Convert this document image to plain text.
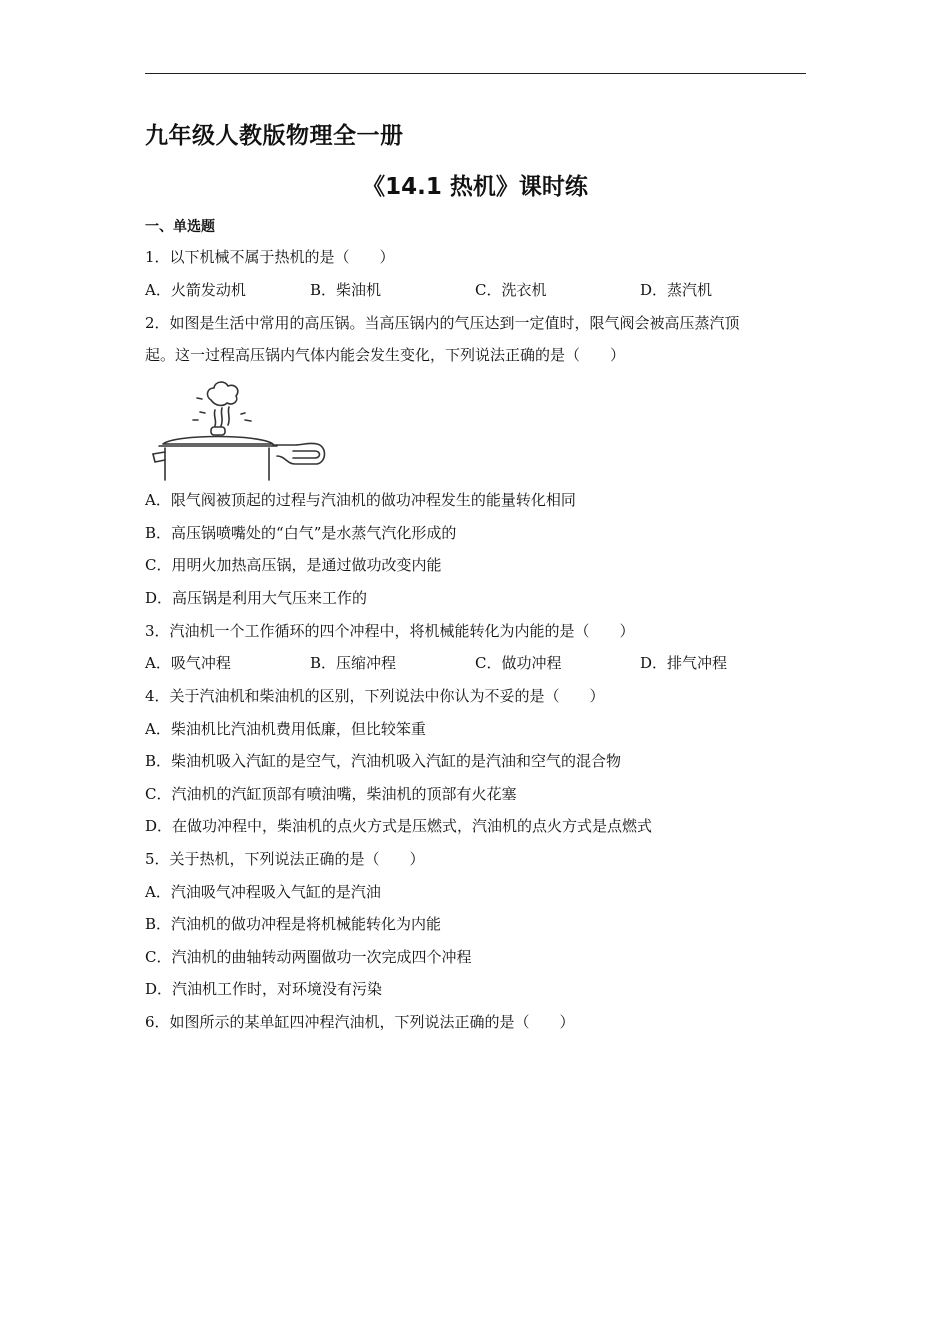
九年级人教版物理全一册
《14.1 热机》课时练
一、单选题
1．以下机械不属于热机的是（　　）
A．火箭发动机	B．柴油机	C．洗衣机	D．蒸汽机
2．如图是生活中常用的高压锅。当高压锅内的气压达到一定值时，限气阀会被高压蒸汽顶
起。这一过程高压锅内气体内能会发生变化，下列说法正确的是（　　）
A．限气阀被顶起的过程与汽油机的做功冲程发生的能量转化相同
B．高压锅喷嘴处的“白气”是水蒸气汽化形成的
C．用明火加热高压锅，是通过做功改变内能
D．高压锅是利用大气压来工作的
3．汽油机一个工作循环的四个冲程中，将机械能转化为内能的是（　　）
A．吸气冲程	B．压缩冲程	C．做功冲程	D．排气冲程
4．关于汽油机和柴油机的区别，下列说法中你认为不妥的是（　　）
A．柴油机比汽油机费用低廉，但比较笨重
B．柴油机吸入汽缸的是空气，汽油机吸入汽缸的是汽油和空气的混合物
C．汽油机的汽缸顶部有喷油嘴，柴油机的顶部有火花塞
D．在做功冲程中，柴油机的点火方式是压燃式，汽油机的点火方式是点燃式
5．关于热机，下列说法正确的是（　　）
A．汽油吸气冲程吸入气缸的是汽油
B．汽油机的做功冲程是将机械能转化为内能
C．汽油机的曲轴转动两圈做功一次完成四个冲程
D．汽油机工作时，对环境没有污染
6．如图所示的某单缸四冲程汽油机，下列说法正确的是（　　）
